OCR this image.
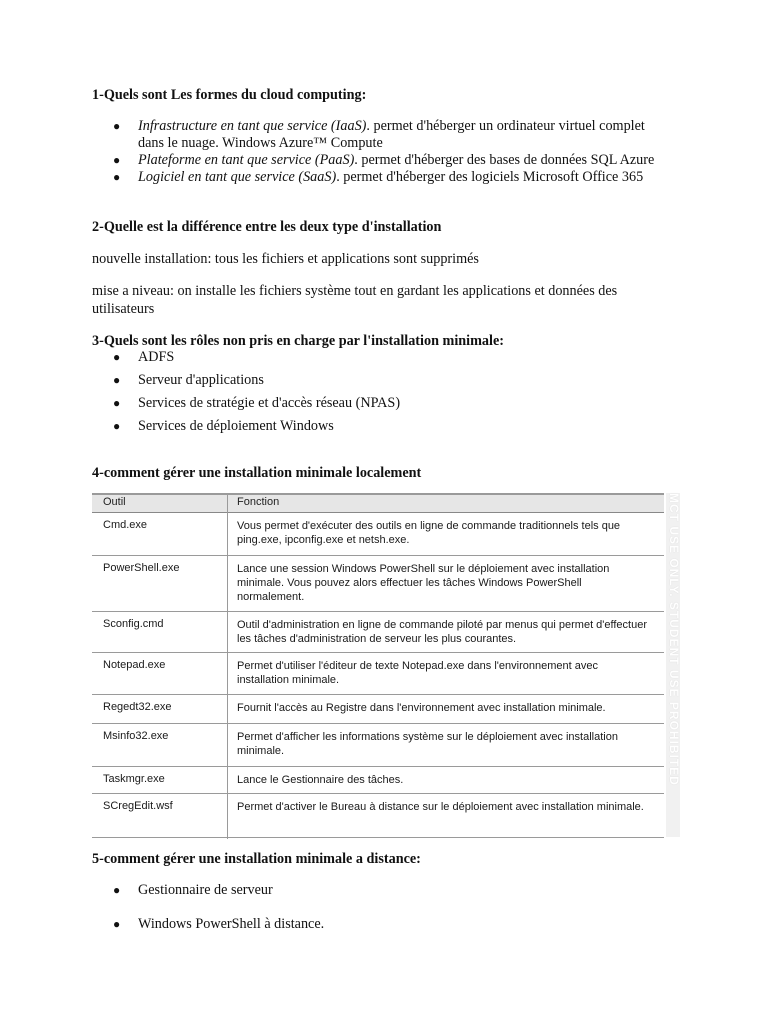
1-Quels sont Les formes du cloud computing:
● Infrastructure en tant que service (IaaS). permet d'héberger un ordinateur virtuel complet dans le nuage. Windows Azure™ Compute
● Plateforme en tant que service (PaaS). permet d'héberger des bases de données SQL Azure
● Logiciel en tant que service (SaaS). permet d'héberger des logiciels Microsoft Office 365
2-Quelle est la différence entre les deux type d'installation
nouvelle installation: tous les fichiers et applications sont supprimés
mise a niveau: on installe les fichiers système tout en gardant les applications et données des utilisateurs
3-Quels sont les rôles non pris en charge par l'installation minimale:
● ADFS
● Serveur d'applications
● Services de stratégie et d'accès réseau (NPAS)
● Services de déploiement Windows
4-comment gérer une installation minimale localement
Outil	Fonction
Cmd.exe	Vous permet d'exécuter des outils en ligne de commande traditionnels tels que ping.exe, ipconfig.exe et netsh.exe.
PowerShell.exe	Lance une session Windows PowerShell sur le déploiement avec installation minimale. Vous pouvez alors effectuer les tâches Windows PowerShell normalement.
Sconfig.cmd	Outil d'administration en ligne de commande piloté par menus qui permet d'effectuer les tâches d'administration de serveur les plus courantes.
Notepad.exe	Permet d'utiliser l'éditeur de texte Notepad.exe dans l'environnement avec installation minimale.
Regedt32.exe	Fournit l'accès au Registre dans l'environnement avec installation minimale.
Msinfo32.exe	Permet d'afficher les informations système sur le déploiement avec installation minimale.
Taskmgr.exe	Lance le Gestionnaire des tâches.
SCregEdit.wsf	Permet d'activer le Bureau à distance sur le déploiement avec installation minimale.
MCT USE ONLY. STUDENT USE PROHIBITED
5-comment gérer une installation minimale a distance:
● Gestionnaire de serveur
● Windows PowerShell à distance.
